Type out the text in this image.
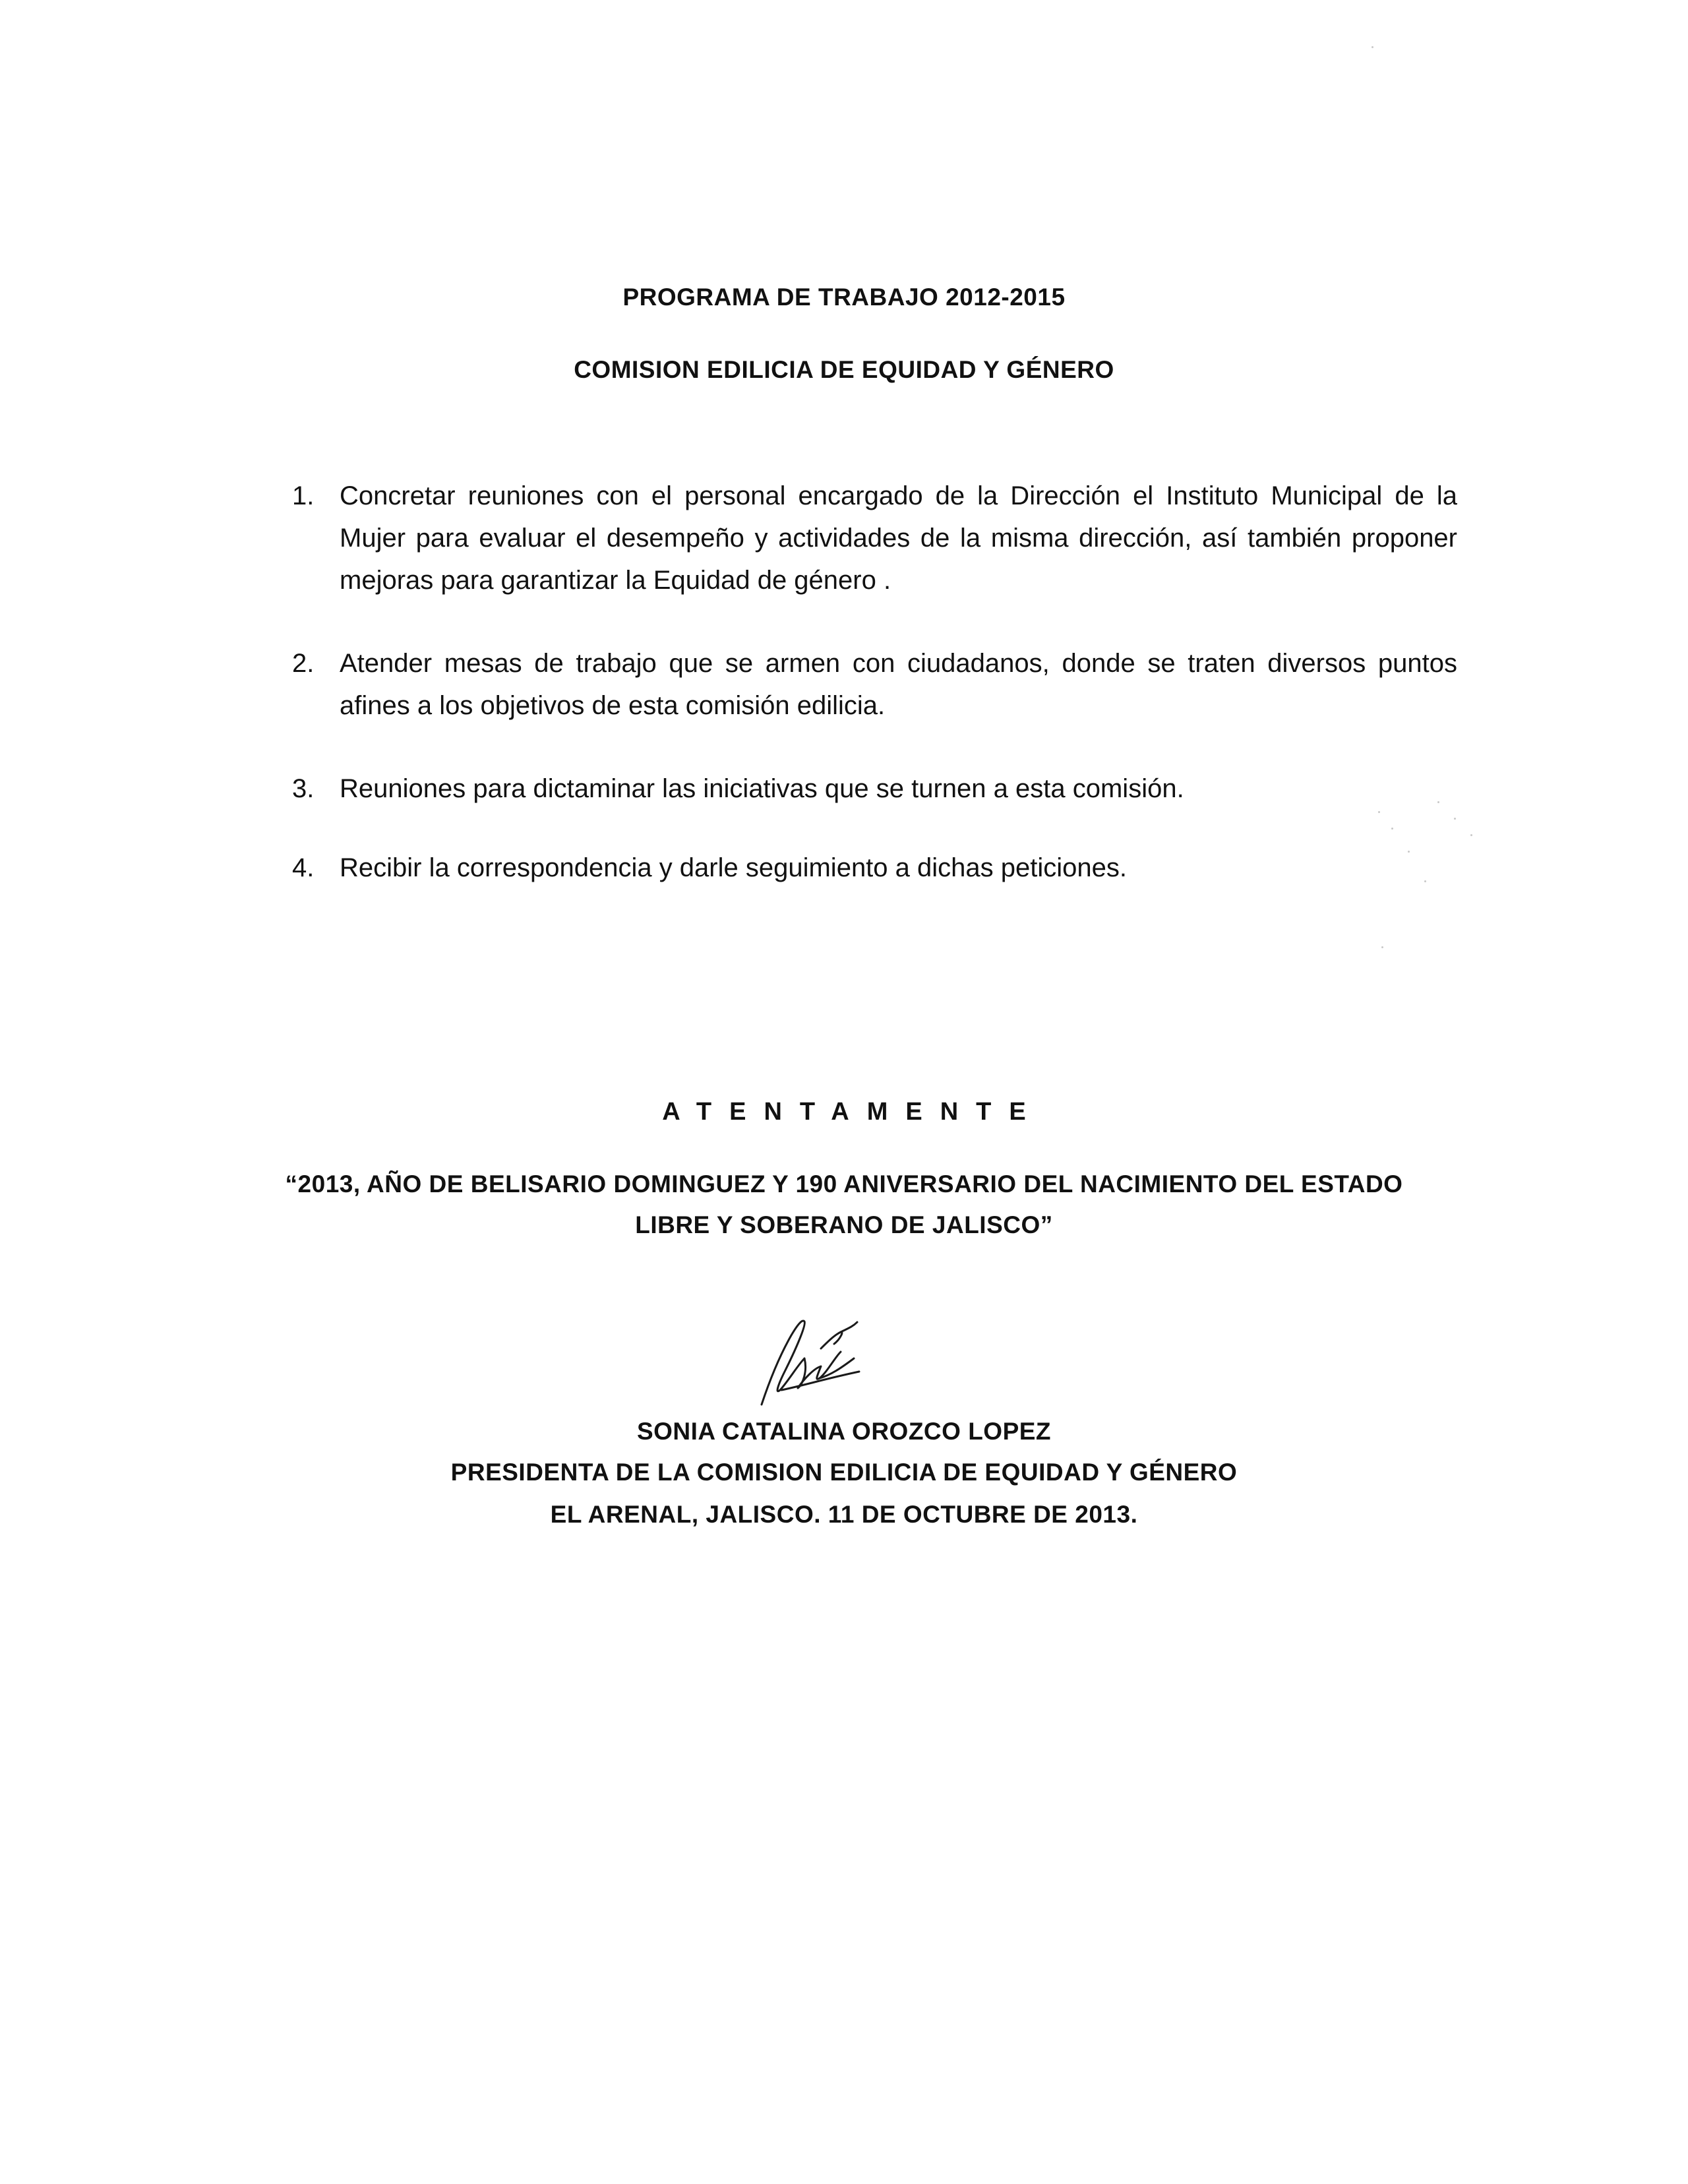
PROGRAMA DE TRABAJO 2012-2015
COMISION EDILICIA DE EQUIDAD Y GÉNERO
1. Concretar reuniones con el personal encargado de la Dirección el Instituto Municipal de la Mujer para evaluar el desempeño y actividades de la misma dirección, así también proponer mejoras para garantizar la Equidad de género .
2. Atender mesas de trabajo que se armen con ciudadanos, donde se traten diversos puntos afines a los objetivos de esta comisión edilicia.
3. Reuniones para dictaminar las iniciativas que se turnen a esta comisión.
4. Recibir la correspondencia y darle seguimiento a dichas peticiones.
ATENTAMENTE
“2013, AÑO DE BELISARIO DOMINGUEZ Y 190 ANIVERSARIO DEL NACIMIENTO DEL ESTADO
LIBRE Y SOBERANO DE JALISCO”
SONIA CATALINA OROZCO LOPEZ
PRESIDENTA DE LA COMISION EDILICIA DE EQUIDAD Y GÉNERO
EL ARENAL, JALISCO. 11 DE OCTUBRE DE 2013.
